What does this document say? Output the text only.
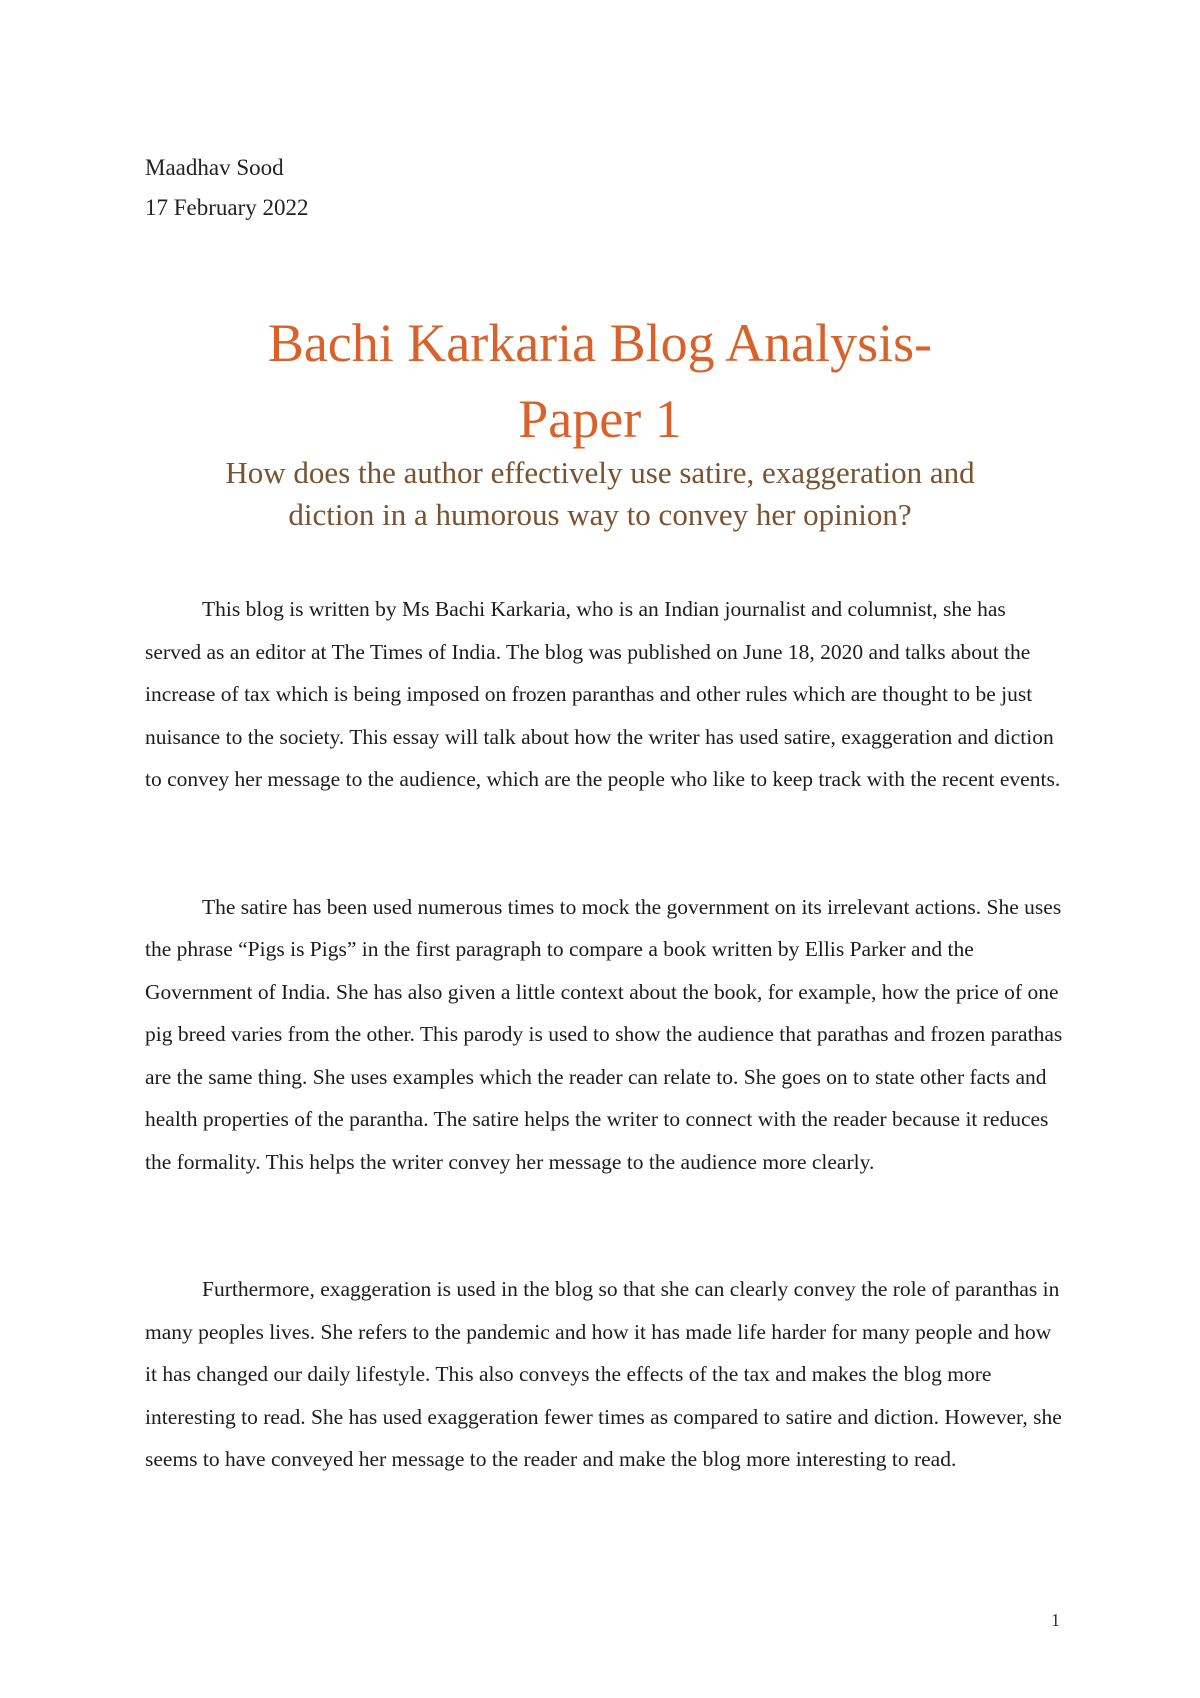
Maadhav Sood
17 February 2022
Bachi Karkaria Blog Analysis-
Paper 1
How does the author effectively use satire, exaggeration and
diction in a humorous way to convey her opinion?

This blog is written by Ms Bachi Karkaria, who is an Indian journalist and columnist, she has served as an editor at The Times of India. The blog was published on June 18, 2020 and talks about the increase of tax which is being imposed on frozen paranthas and other rules which are thought to be just nuisance to the society. This essay will talk about how the writer has used satire, exaggeration and diction to convey her message to the audience, which are the people who like to keep track with the recent events.

The satire has been used numerous times to mock the government on its irrelevant actions. She uses the phrase “Pigs is Pigs” in the first paragraph to compare a book written by Ellis Parker and the Government of India. She has also given a little context about the book, for example, how the price of one pig breed varies from the other. This parody is used to show the audience that parathas and frozen parathas are the same thing. She uses examples which the reader can relate to. She goes on to state other facts and health properties of the parantha. The satire helps the writer to connect with the reader because it reduces the formality. This helps the writer convey her message to the audience more clearly.

Furthermore, exaggeration is used in the blog so that she can clearly convey the role of paranthas in many peoples lives. She refers to the pandemic and how it has made life harder for many people and how it has changed our daily lifestyle. This also conveys the effects of the tax and makes the blog more interesting to read. She has used exaggeration fewer times as compared to satire and diction. However, she seems to have conveyed her message to the reader and make the blog more interesting to read.

1
